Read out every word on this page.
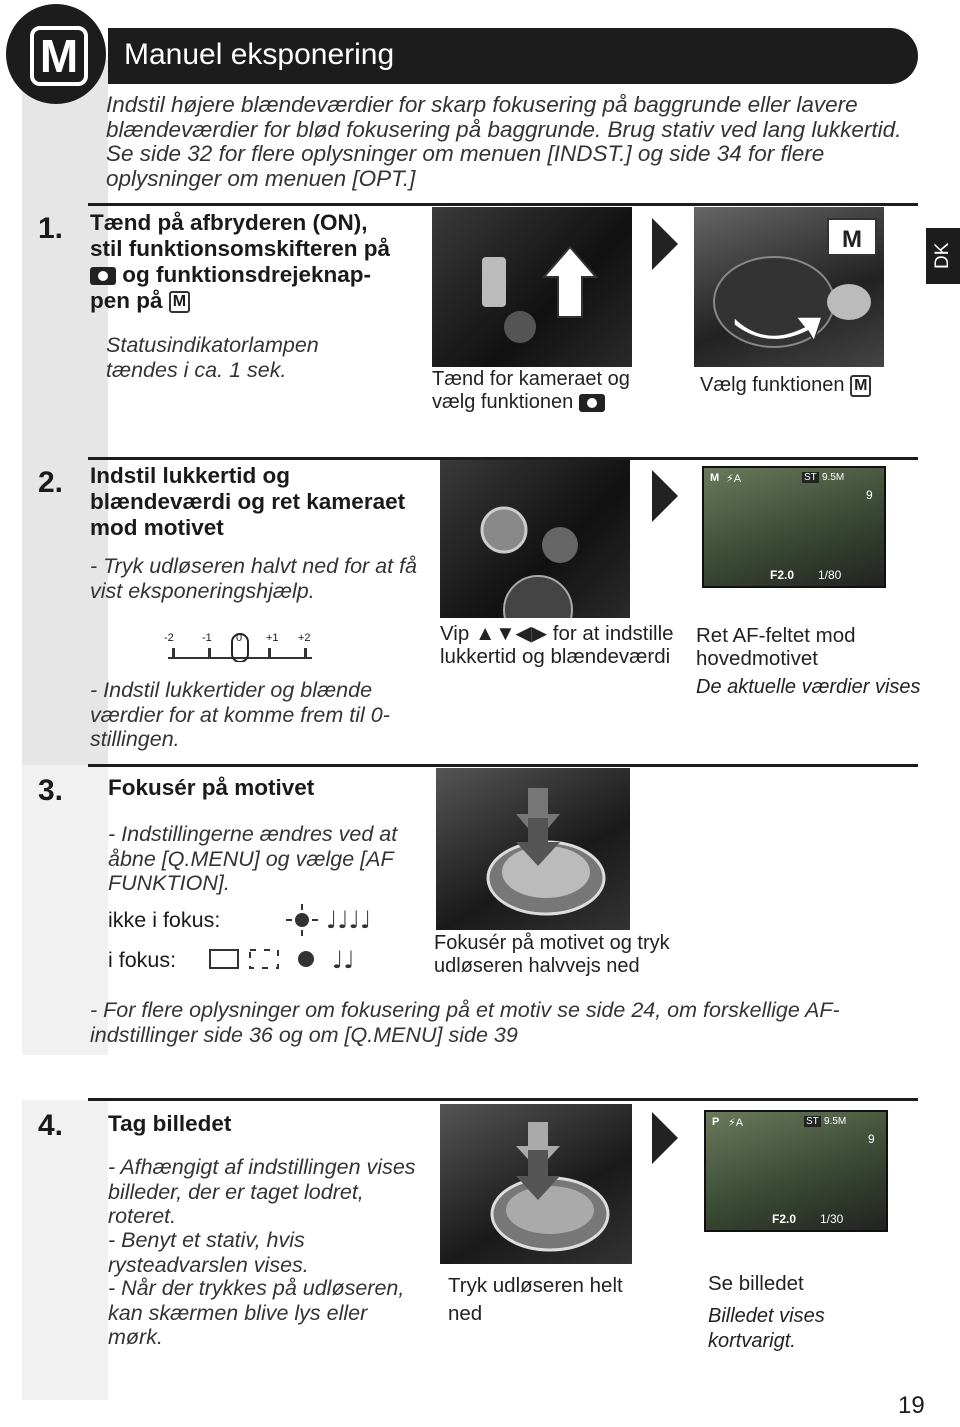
M	Manuel eksponering
DK
Indstil højere blændeværdier for skarp fokusering på baggrunde eller lavere blændeværdier for blød fokusering på baggrunde. Brug stativ ved lang lukkertid. Se side 32 for flere oplysninger om menuen [INDST.] og side 34 for flere oplysninger om menuen [OPT.]
1. Tænd på afbryderen (ON),
stil funktionsomskifteren på
og funktionsdrejeknap-
pen på M
Statusindikatorlampen tændes i ca. 1 sek.
M
Tænd for kameraet og vælg funktionen
Vælg funktionen M
2. Indstil lukkertid og blændeværdi og ret kameraet mod motivet
- Tryk udløseren halvt ned for at få vist eksponeringshjælp.
-2	-1 0 +1 +2
- Indstil lukkertider og blænde værdier for at komme frem til 0-stillingen.
M ⚡A	ST 9.5M
9
F2.0 1/80
Vip ▲▼◀▶ for at indstille lukkertid og blændeværdi
Ret AF-feltet mod hovedmotivet
De aktuelle værdier vises
3. Fokusér på motivet
- Indstillingerne ændres ved at åbne [Q.MENU] og vælge [AF FUNKTION].
ikke i fokus:	♩♩♩♩
i fokus:	♩♩
Fokusér på motivet og tryk udløseren halvvejs ned
- For flere oplysninger om fokusering på et motiv se side 24, om forskellige AF-indstillinger side 36 og om [Q.MENU] side 39
4. Tag billedet
- Afhængigt af indstillingen vises billeder, der er taget lodret, roteret.
- Benyt et stativ, hvis rysteadvarslen vises.
- Når der trykkes på udløseren, kan skærmen blive lys eller mørk.
P ⚡A	ST 9.5M
9
F2.0 1/30
Tryk udløseren helt ned
Se billedet
Billedet vises kortvarigt.
19
